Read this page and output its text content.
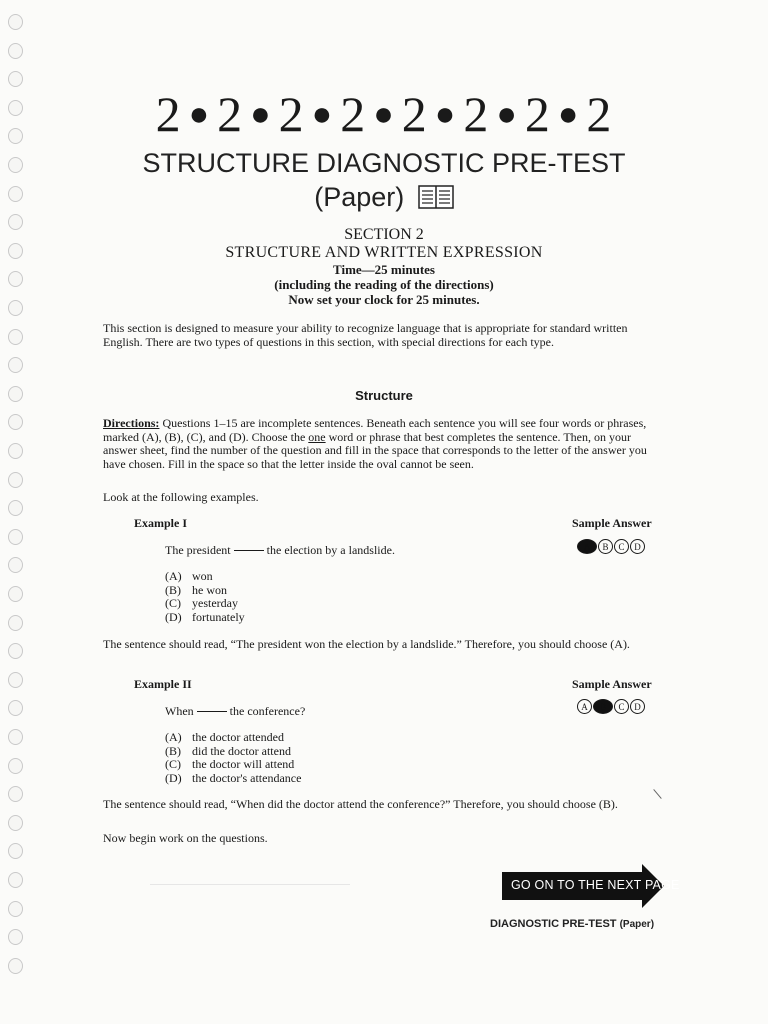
2 ● 2 ● 2 ● 2 ● 2 ● 2 ● 2 ● 2
STRUCTURE DIAGNOSTIC PRE-TEST
(Paper)
SECTION 2
STRUCTURE AND WRITTEN EXPRESSION
Time—25 minutes
(including the reading of the directions)
Now set your clock for 25 minutes.
This section is designed to measure your ability to recognize language that is appropriate for standard written English. There are two types of questions in this section, with special directions for each type.
Structure
Directions: Questions 1–15 are incomplete sentences. Beneath each sentence you will see four words or phrases, marked (A), (B), (C), and (D). Choose the one word or phrase that best completes the sentence. Then, on your answer sheet, find the number of the question and fill in the space that corresponds to the letter of the answer you have chosen. Fill in the space so that the letter inside the oval cannot be seen.
Look at the following examples.
Example I	Sample Answer
The president	the election by a landslide.	A	B	C	D
(A) won
(B) he won
(C) yesterday
(D) fortunately
The sentence should read, “The president won the election by a landslide.” Therefore, you should choose (A).
Example II	Sample Answer
When	the conference?	A	B	C	D
(A) the doctor attended
(B) did the doctor attend
(C) the doctor will attend
(D) the doctor's attendance
The sentence should read, “When did the doctor attend the conference?” Therefore, you should choose (B).
Now begin work on the questions.
GO ON TO THE NEXT PAGE
DIAGNOSTIC PRE-TEST (Paper)
